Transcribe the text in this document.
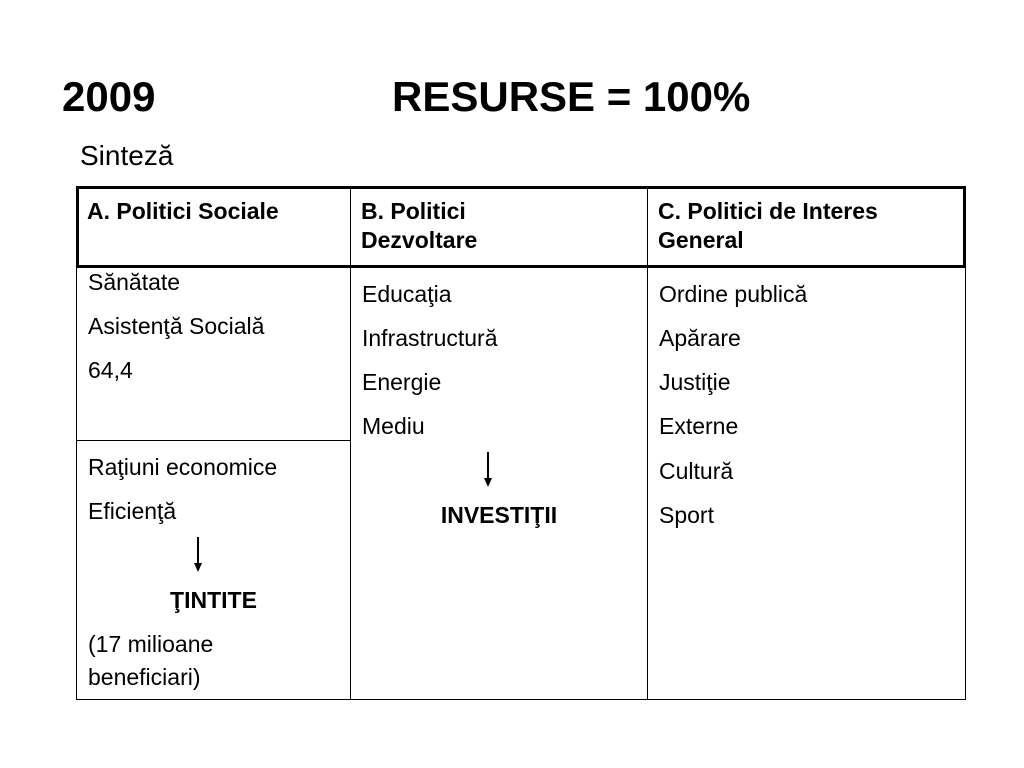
2009	RESURSE = 100%
Sinteză
A. Politici Sociale	B. Politici
Dezvoltare
C. Politici de Interes
General
Sănătate
Asistenţă Socială
64,4
Raţiuni economice
Eficienţă
ŢINTITE
(17 milioane
beneficiari)
Educaţia
Infrastructură
Energie
Mediu
INVESTIŢII
Ordine publică
Apărare
Justiţie
Externe
Cultură
Sport
